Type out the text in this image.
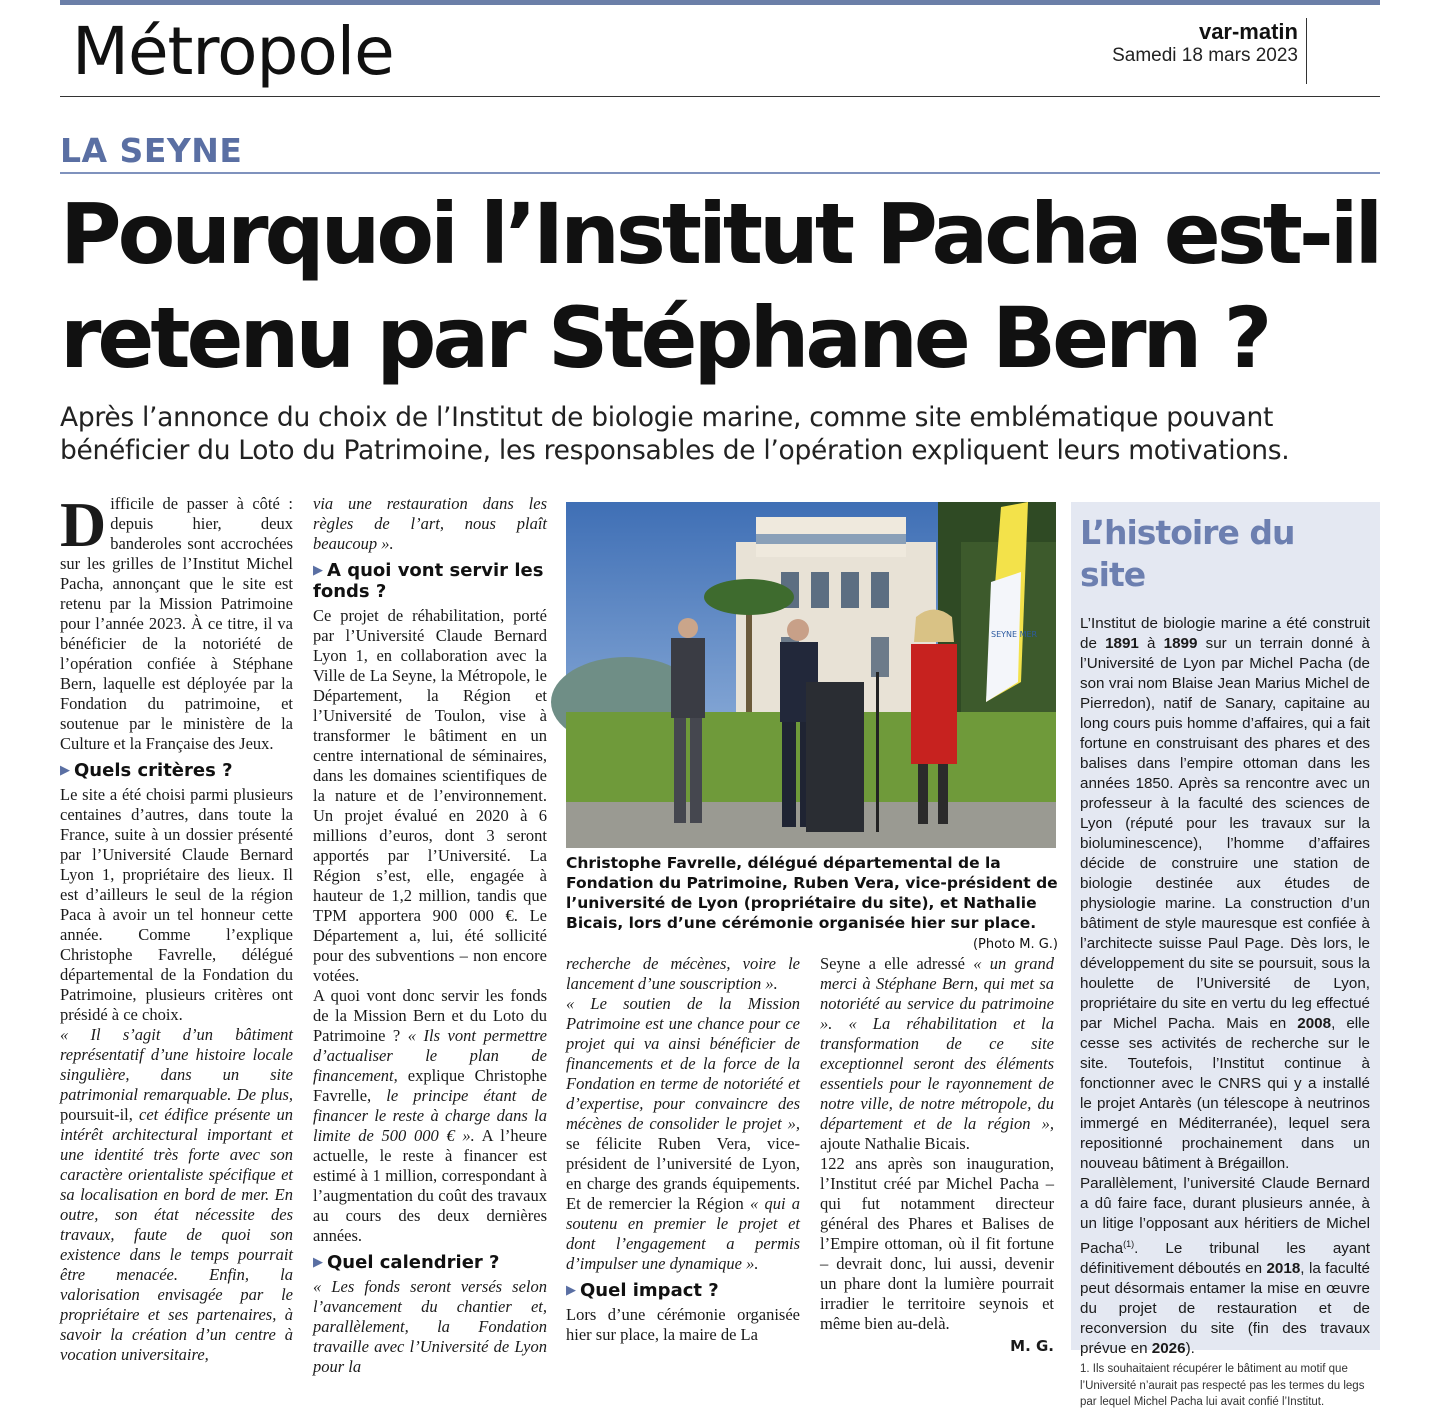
Métropole	var-matin
Samedi 18 mars 2023
LA SEYNE
Pourquoi l’Institut Pacha est-il
retenu par Stéphane Bern ?
Après l’annonce du choix de l’Institut de biologie marine, comme site emblématique pouvant bénéficier du Loto du Patrimoine, les responsables de l’opération expliquent leurs motivations.

Difficile de passer à côté : depuis hier, deux banderoles sont accrochées sur les grilles de l’Institut Michel Pacha, annonçant que le site est retenu par la Mission Patrimoine pour l’année 2023. À ce titre, il va bénéficier de la notoriété de l’opération confiée à Stéphane Bern, laquelle est déployée par la Fondation du patrimoine, et soutenue par le ministère de la Culture et la Française des Jeux.

▶ Quels critères ?

Le site a été choisi parmi plusieurs centaines d’autres, dans toute la France, suite à un dossier présenté par l’Université Claude Bernard Lyon 1, propriétaire des lieux. Il est d’ailleurs le seul de la région Paca à avoir un tel honneur cette année. Comme l’explique Christophe Favrelle, délégué départemental de la Fondation du Patrimoine, plusieurs critères ont présidé à ce choix.

« Il s’agit d’un bâtiment représentatif d’une histoire locale singulière, dans un site patrimonial remarquable. De plus, poursuit-il, cet édifice présente un intérêt architectural important et une identité très forte avec son caractère orientaliste spécifique et sa localisation en bord de mer. En outre, son état nécessite des travaux, faute de quoi son existence dans le temps pourrait être menacée. Enfin, la valorisation envisagée par le propriétaire et ses partenaires, à savoir la création d’un centre à vocation universitaire,

via une restauration dans les règles de l’art, nous plaît beaucoup ».

▶ A quoi vont servir les fonds ?

Ce projet de réhabilitation, porté par l’Université Claude Bernard Lyon 1, en collaboration avec la Ville de La Seyne, la Métropole, le Département, la Région et l’Université de Toulon, vise à transformer le bâtiment en un centre international de séminaires, dans les domaines scientifiques de la nature et de l’environnement. Un projet évalué en 2020 à 6 millions d’euros, dont 3 seront apportés par l’Université. La Région s’est, elle, engagée à hauteur de 1,2 million, tandis que TPM apportera 900 000 €. Le Département a, lui, été sollicité pour des subventions – non encore votées.

A quoi vont donc servir les fonds de la Mission Bern et du Loto du Patrimoine ? « Ils vont permettre d’actualiser le plan de financement, explique Christophe Favrelle, le principe étant de financer le reste à charge dans la limite de 500 000 € ». A l’heure actuelle, le reste à financer est estimé à 1 million, correspondant à l’augmentation du coût des travaux au cours des deux dernières années.

▶ Quel calendrier ?

« Les fonds seront versés selon l’avancement du chantier et, parallèlement, la Fondation travaille avec l’Université de Lyon pour la

SEYNE MER
Christophe Favrelle, délégué départemental de la Fondation du Patrimoine, Ruben Vera, vice-président de l’université de Lyon (propriétaire du site), et Nathalie Bicais, lors d’une cérémonie organisée hier sur place.
(Photo M. G.)

recherche de mécènes, voire le lancement d’une souscription ».

« Le soutien de la Mission Patrimoine est une chance pour ce projet qui va ainsi bénéficier de financements et de la force de la Fondation en terme de notoriété et d’expertise, pour convaincre des mécènes de consolider le projet », se félicite Ruben Vera, vice-président de l’université de Lyon, en charge des grands équipements. Et de remercier la Région « qui a soutenu en premier le projet et dont l’engagement a permis d’impulser une dynamique ».

▶ Quel impact ?

Lors d’une cérémonie organisée hier sur place, la maire de La

Seyne a elle adressé « un grand merci à Stéphane Bern, qui met sa notoriété au service du patrimoine ». « La réhabilitation et la transformation de ce site exceptionnel seront des éléments essentiels pour le rayonnement de notre ville, de notre métropole, du département et de la région », ajoute Nathalie Bicais.

122 ans après son inauguration, l’Institut créé par Michel Pacha – qui fut notamment directeur général des Phares et Balises de l’Empire ottoman, où il fit fortune – devrait donc, lui aussi, devenir un phare dont la lumière pourrait irradier le territoire seynois et même bien au-delà.

M. G.
L’histoire du site

L’Institut de biologie marine a été construit de 1891 à 1899 sur un terrain donné à l’Université de Lyon par Michel Pacha (de son vrai nom Blaise Jean Marius Michel de Pierredon), natif de Sanary, capitaine au long cours puis homme d’affaires, qui a fait fortune en construisant des phares et des balises dans l’empire ottoman dans les années 1850. Après sa rencontre avec un professeur à la faculté des sciences de Lyon (réputé pour les travaux sur la bioluminescence), l’homme d’affaires décide de construire une station de biologie destinée aux études de physiologie marine. La construction d’un bâtiment de style mauresque est confiée à l’architecte suisse Paul Page. Dès lors, le développement du site se poursuit, sous la houlette de l’Université de Lyon, propriétaire du site en vertu du leg effectué par Michel Pacha. Mais en 2008, elle cesse ses activités de recherche sur le site. Toutefois, l’Institut continue à fonctionner avec le CNRS qui y a installé le projet Antarès (un télescope à neutrinos immergé en Méditerranée), lequel sera repositionné prochainement dans un nouveau bâtiment à Brégaillon.

Parallèlement, l’université Claude Bernard a dû faire face, durant plusieurs année, à un litige l’opposant aux héritiers de Michel Pacha$^{(1)}$. Le tribunal les ayant définitivement déboutés en 2018, la faculté peut désormais entamer la mise en œuvre du projet de restauration et de reconversion du site (fin des travaux prévue en 2026).

1. Ils souhaitaient récupérer le bâtiment au motif que l’Université n’aurait pas respecté pas les termes du legs par lequel Michel Pacha lui avait confié l’Institut.
